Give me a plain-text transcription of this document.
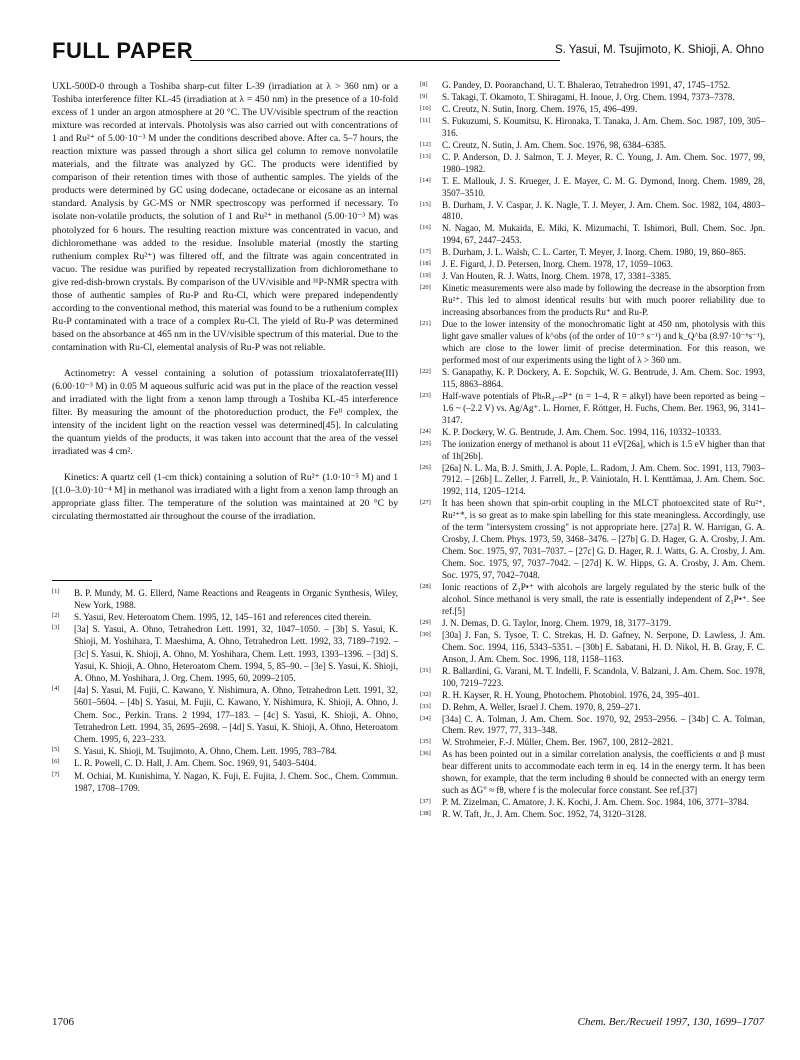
FULL PAPER	S. Yasui, M. Tsujimoto, K. Shioji, A. Ohno

UXL-500D-0 through a Toshiba sharp-cut filter L-39 (irradiation at λ > 360 nm) or a Toshiba interference filter KL-45 (irradiation at λ = 450 nm) in the presence of a 10-fold excess of 1 under an argon atmosphere at 20 °C. The UV/visible spectrum of the reaction mixture was recorded at intervals. Photolysis was also carried out with concentrations of 1 and Ru²⁺ of 5.00·10⁻³ M under the conditions described above. After ca. 5–7 hours, the reaction mixture was passed through a short silica gel column to remove nonvolatile materials, and the filtrate was analyzed by GC. The products were identified by comparison of their retention times with those of authentic samples. The yields of the products were determined by GC using dodecane, octadecane or eicosane as an internal standard. Analysis by GC-MS or NMR spectroscopy was performed if necessary. To isolate non-volatile products, the solution of 1 and Ru²⁺ in methanol (5.00·10⁻³ M) was photolyzed for 6 hours. The resulting reaction mixture was concentrated in vacuo, and dichloromethane was added to the residue. Insoluble material (mostly the starting ruthenium complex Ru²⁺) was filtered off, and the filtrate was again concentrated in vacuo. The residue was purified by repeated recrystallization from dichloromethane to give red-dish-brown crystals. By comparison of the UV/visible and ³¹P-NMR spectra with those of authentic samples of Ru-P and Ru-Cl, which were prepared independently according to the conventional method, this material was found to be a ruthenium complex Ru-P contaminated with a trace of a complex Ru-Cl. The yield of Ru-P was determined based on the absorbance at 465 nm in the UV/visible spectrum of this material. Due to the contamination with Ru-Cl, elemental analysis of Ru-P was not reliable.

Actinometry: A vessel containing a solution of potassium trioxalatoferrate(III) (6.00·10⁻³ M) in 0.05 M aqueous sulfuric acid was put in the place of the reaction vessel and irradiated with the light from a xenon lamp through a Toshiba KL-45 interference filter. By measuring the amount of the photoreduction product, the Feᴵᴵ complex, the intensity of the incident light on the reaction vessel was determined[45]. In calculating the quantum yields of the products, it was taken into account that the area of the vessel irradiated was 4 cm².

Kinetics: A quartz cell (1-cm thick) containing a solution of Ru²⁺ (1.0·10⁻⁵ M) and 1 [(1.0–3.0)·10⁻⁴ M] in methanol was irradiated with a light from a xenon lamp through an appropriate glass filter. The temperature of the solution was maintained at 20 °C by circulating thermostatted air throughout the course of the irradiation.

[1] B. P. Mundy, M. G. Ellerd, Name Reactions and Reagents in Organic Synthesis, Wiley, New York, 1988.

[2] S. Yasui, Rev. Heteroatom Chem. 1995, 12, 145–161 and references cited therein.

[3] [3a] S. Yasui, A. Ohno, Tetrahedron Lett. 1991, 32, 1047–1050. – [3b] S. Yasui, K. Shioji, M. Yoshihara, T. Maeshima, A. Ohno, Tetrahedron Lett. 1992, 33, 7189–7192. – [3c] S. Yasui, K. Shioji, A. Ohno, M. Yoshihara, Chem. Lett. 1993, 1393–1396. – [3d] S. Yasui, K. Shioji, A. Ohno, Heteroatom Chem. 1994, 5, 85–90. – [3e] S. Yasui, K. Shioji, A. Ohno, M. Yoshihara, J. Org. Chem. 1995, 60, 2099–2105.

[4] [4a] S. Yasui, M. Fujii, C. Kawano, Y. Nishimura, A. Ohno, Tetrahedron Lett. 1991, 32, 5601–5604. – [4b] S. Yasui, M. Fujii, C. Kawano, Y. Nishimura, K. Shioji, A. Ohno, J. Chem. Soc., Perkin. Trans. 2 1994, 177–183. – [4c] S. Yasui, K. Shioji, A. Ohno, Tetrahedron Lett. 1994, 35, 2695–2698. – [4d] S. Yasui, K. Shioji, A. Ohno, Heteroatom Chem. 1995, 6, 223–233.

[5] S. Yasui, K. Shioji, M. Tsujimoto, A. Ohno, Chem. Lett. 1995, 783–784.

[6] L. R. Powell, C. D. Hall, J. Am. Chem. Soc. 1969, 91, 5403–5404.

[7] M. Ochiai, M. Kunishima, Y. Nagao, K. Fuji, E. Fujita, J. Chem. Soc., Chem. Commun. 1987, 1708–1709.

[8] G. Pandey, D. Pooranchand, U. T. Bhalerao, Tetrahedron 1991, 47, 1745–1752.

[9] S. Takagi, T. Okamoto, T. Shiragami, H. Inoue, J. Org. Chem. 1994, 7373–7378.

[10] C. Creutz, N. Sutin, Inorg. Chem. 1976, 15, 496–499.

[11] S. Fukuzumi, S. Koumitsu, K. Hironaka, T. Tanaka, J. Am. Chem. Soc. 1987, 109, 305–316.

[12] C. Creutz, N. Sutin, J. Am. Chem. Soc. 1976, 98, 6384–6385.

[13] C. P. Anderson, D. J. Salmon, T. J. Meyer, R. C. Young, J. Am. Chem. Soc. 1977, 99, 1980–1982.

[14] T. E. Mallouk, J. S. Krueger, J. E. Mayer, C. M. G. Dymond, Inorg. Chem. 1989, 28, 3507–3510.

[15] B. Durham, J. V. Caspar, J. K. Nagle, T. J. Meyer, J. Am. Chem. Soc. 1982, 104, 4803–4810.

[16] N. Nagao, M. Mukaida, E. Miki, K. Mizumachi, T. Ishimori, Bull. Chem. Soc. Jpn. 1994, 67, 2447–2453.

[17] B. Durham, J. L. Walsh, C. L. Carter, T. Meyer, J. Inorg. Chem. 1980, 19, 860–865.

[18] J. E. Figard, J. D. Petersen, Inorg. Chem. 1978, 17, 1059–1063.

[19] J. Van Houten, R. J. Watts, Inorg. Chem. 1978, 17, 3381–3385.

[20] Kinetic measurements were also made by following the decrease in the absorption from Ru²⁺. This led to almost identical results but with much poorer reliability due to increasing absorbances from the products Ru⁺ and Ru-P.

[21] Due to the lower intensity of the monochromatic light at 450 nm, photolysis with this light gave smaller values of k^obs (of the order of 10⁻⁵ s⁻¹) and k_Q^ba (8.97·10⁻⁶s⁻¹), which are close to the lower limit of precise determination. For this reason, we performed most of our experiments using the light of λ > 360 nm.

[22] S. Ganapathy, K. P. Dockery, A. E. Sopchik, W. G. Bentrude, J. Am. Chem. Soc. 1993, 115, 8863–8864.

[23] Half-wave potentials of PhₙR₄₋ₙP⁺ (n = 1–4, R = alkyl) have been reported as being –1.6 ~ (–2.2 V) vs. Ag/Ag⁺. L. Horner, F. Röttger, H. Fuchs, Chem. Ber. 1963, 96, 3141–3147.

[24] K. P. Dockery, W. G. Bentrude, J. Am. Chem. Soc. 1994, 116, 10332–10333.

[25] The ionization energy of methanol is about 11 eV[26a], which is 1.5 eV higher than that of 1h[26b].

[26] [26a] N. L. Ma, B. J. Smith, J. A. Pople, L. Radom, J. Am. Chem. Soc. 1991, 113, 7903–7912. – [26b] L. Zeller, J. Farrell, Jr., P. Vainiotalo, H. I. Kenttämaa, J. Am. Chem. Soc. 1992, 114, 1205–1214.

[27] It has been shown that spin-orbit coupling in the MLCT photoexcited state of Ru²⁺, Ru²⁺*, is so great as to make spin labelling for this state meaningless. Accordingly, use of the term "intersystem crossing" is not appropriate here. [27a] R. W. Harrigan, G. A. Crosby, J. Chem. Phys. 1973, 59, 3468–3476. – [27b] G. D. Hager, G. A. Crosby, J. Am. Chem. Soc. 1975, 97, 7031–7037. – [27c] G. D. Hager, R. J. Watts, G. A. Crosby, J. Am. Chem. Soc. 1975, 97, 7037–7042. – [27d] K. W. Hipps, G. A. Crosby, J. Am. Chem. Soc. 1975, 97, 7042–7048.

[28] Ionic reactions of Z₃P•⁺ with alcohols are largely regulated by the steric bulk of the alcohol. Since methanol is very small, the rate is essentially independent of Z₃P•⁺. See ref.[5]

[29] J. N. Demas, D. G. Taylor, Inorg. Chem. 1979, 18, 3177–3179.

[30] [30a] J. Fan, S. Tysoe, T. C. Strekas, H. D. Gafney, N. Serpone, D. Lawless, J. Am. Chem. Soc. 1994, 116, 5343–5351. – [30b] E. Sabatani, H. D. Nikol, H. B. Gray, F. C. Anson, J. Am. Chem. Soc. 1996, 118, 1158–1163.

[31] R. Ballardini, G. Varani, M. T. Indelli, F. Scandola, V. Balzani, J. Am. Chem. Soc. 1978, 100, 7219–7223.

[32] R. H. Kayser, R. H. Young, Photochem. Photobiol. 1976, 24, 395–401.

[33] D. Rehm, A. Weller, Israel J. Chem. 1970, 8, 259–271.

[34] [34a] C. A. Tolman, J. Am. Chem. Soc. 1970, 92, 2953–2956. – [34b] C. A. Tolman, Chem. Rev. 1977, 77, 313–348.

[35] W. Strohmeier, F.-J. Müller, Chem. Ber. 1967, 100, 2812–2821.

[36] As has been pointed out in a similar correlation analysis, the coefficients α and β must bear different units to accommodate each term in eq. 14 in the energy term. It has been shown, for example, that the term including θ should be connected with an energy term such as ΔG° ≈ fθ, where f is the molecular force constant. See ref.[37]

[37] P. M. Zizelman, C. Amatore, J. K. Kochi, J. Am. Chem. Soc. 1984, 106, 3771–3784.

[38] R. W. Taft, Jr., J. Am. Chem. Soc. 1952, 74, 3120–3128.

1706	Chem. Ber./Recueil 1997, 130, 1699–1707
